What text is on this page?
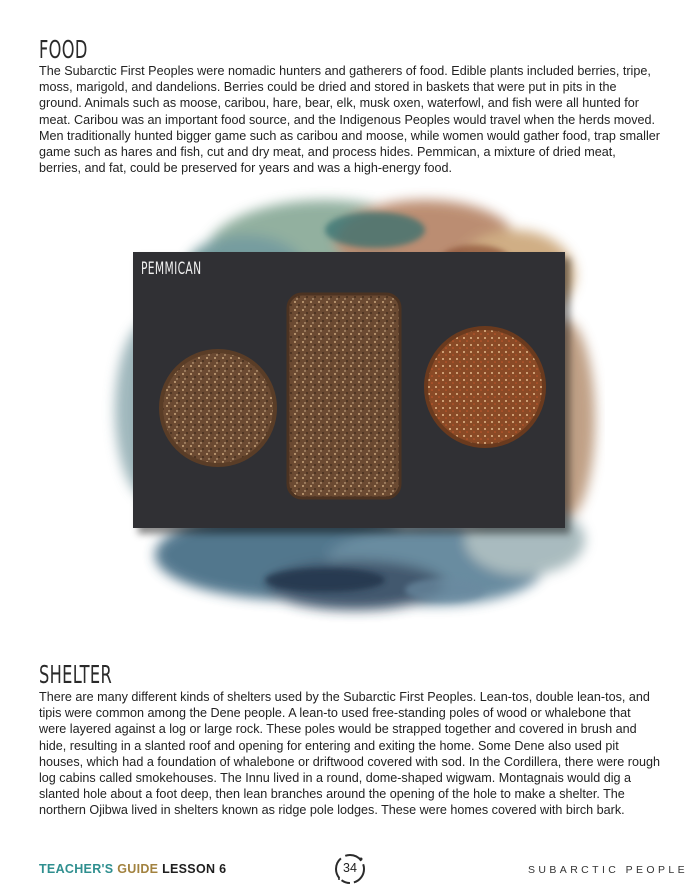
FOOD

The Subarctic First Peoples were nomadic hunters and gatherers of food. Edible plants included berries, tripe, moss, marigold, and dandelions. Berries could be dried and stored in baskets that were put in pits in the ground. Animals such as moose, caribou, hare, bear, elk, musk oxen, waterfowl, and fish were all hunted for meat. Caribou was an important food source, and the Indigenous Peoples would travel when the herds moved. Men traditionally hunted bigger game such as caribou and moose, while women would gather food, trap smaller game such as hares and fish, cut and dry meat, and process hides. Pemmican, a mixture of dried meat, berries, and fat, could be preserved for years and was a high-energy food.

PEMMICAN
SHELTER

There are many different kinds of shelters used by the Subarctic First Peoples. Lean-tos, double lean-tos, and tipis were common among the Dene people. A lean-to used free-standing poles of wood or whalebone that were layered against a log or large rock. These poles would be strapped together and covered in brush and hide, resulting in a slanted roof and opening for entering and exiting the home. Some Dene also used pit houses, which had a foundation of whalebone or driftwood covered with sod. In the Cordillera, there were rough log cabins called smokehouses. The Innu lived in a round, dome-shaped wigwam. Montagnais would dig a slanted hole about a foot deep, then lean branches around the opening of the hole to make a shelter. The northern Ojibwa lived in shelters known as ridge pole lodges. These were homes covered with birch bark.

TEACHER'S GUIDE LESSON 6	34	SUBARCTIC PEOPLE
